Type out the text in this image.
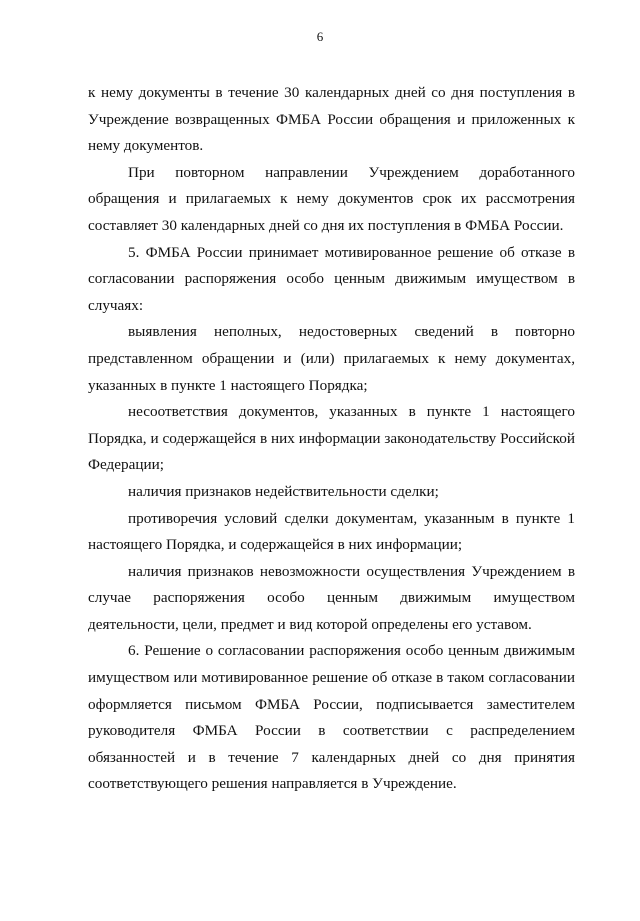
6

к нему документы в течение 30 календарных дней со дня поступления в Учреждение возвращенных ФМБА России обращения и приложенных к нему документов.

При повторном направлении Учреждением доработанного обращения и прилагаемых к нему документов срок их рассмотрения составляет 30 календарных дней со дня их поступления в ФМБА России.

5. ФМБА России принимает мотивированное решение об отказе в согласовании распоряжения особо ценным движимым имуществом в случаях:

выявления неполных, недостоверных сведений в повторно представленном обращении и (или) прилагаемых к нему документах, указанных в пункте 1 настоящего Порядка;

несоответствия документов, указанных в пункте 1 настоящего Порядка, и содержащейся в них информации законодательству Российской Федерации;

наличия признаков недействительности сделки;

противоречия условий сделки документам, указанным в пункте 1 настоящего Порядка, и содержащейся в них информации;

наличия признаков невозможности осуществления Учреждением в случае распоряжения особо ценным движимым имуществом деятельности, цели, предмет и вид которой определены его уставом.

6. Решение о согласовании распоряжения особо ценным движимым имуществом или мотивированное решение об отказе в таком согласовании оформляется письмом ФМБА России, подписывается заместителем руководителя ФМБА России в соответствии с распределением обязанностей и в течение 7 календарных дней со дня принятия соответствующего решения направляется в Учреждение.
